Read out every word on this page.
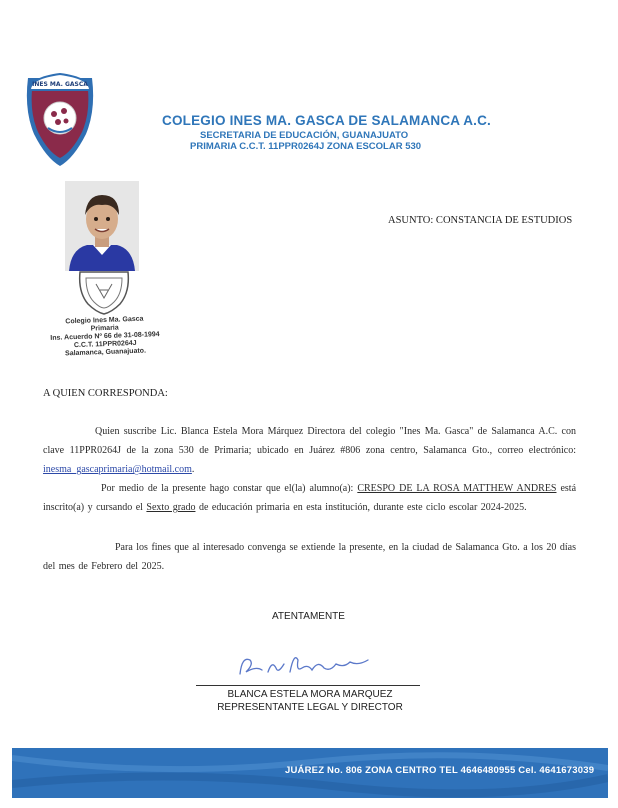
INES MA. GASCA
COLEGIO INES MA. GASCA DE SALAMANCA A.C.
SECRETARIA DE EDUCACIÓN, GUANAJUATO
PRIMARIA C.C.T. 11PPR0264J ZONA ESCOLAR 530
ASUNTO: CONSTANCIA DE ESTUDIOS
Colegio Ines Ma. Gasca
Primaria
Ins. Acuerdo Nº 66 de 31-08-1994
C.C.T. 11PPR0264J
Salamanca, Guanajuato.
A QUIEN CORRESPONDA:
Quien suscribe Lic. Blanca Estela Mora Márquez Directora del colegio "Ines Ma. Gasca" de Salamanca A.C. con clave 11PPR0264J de la zona 530 de Primaria; ubicado en Juárez #806 zona centro, Salamanca Gto., correo electrónico: inesma_gascaprimaria@hotmail.com.
Por medio de la presente hago constar que el(la) alumno(a): CRESPO DE LA ROSA MATTHEW ANDRES está inscrito(a) y cursando el Sexto grado de educación primaria en esta institución, durante este ciclo escolar 2024-2025.
Para los fines que al interesado convenga se extiende la presente, en la ciudad de Salamanca Gto. a los 20 días del mes de Febrero del 2025.
ATENTAMENTE
BLANCA ESTELA MORA MARQUEZ
REPRESENTANTE LEGAL Y DIRECTOR
JUÁREZ No. 806 ZONA CENTRO TEL 4646480955 Cel. 4641673039
